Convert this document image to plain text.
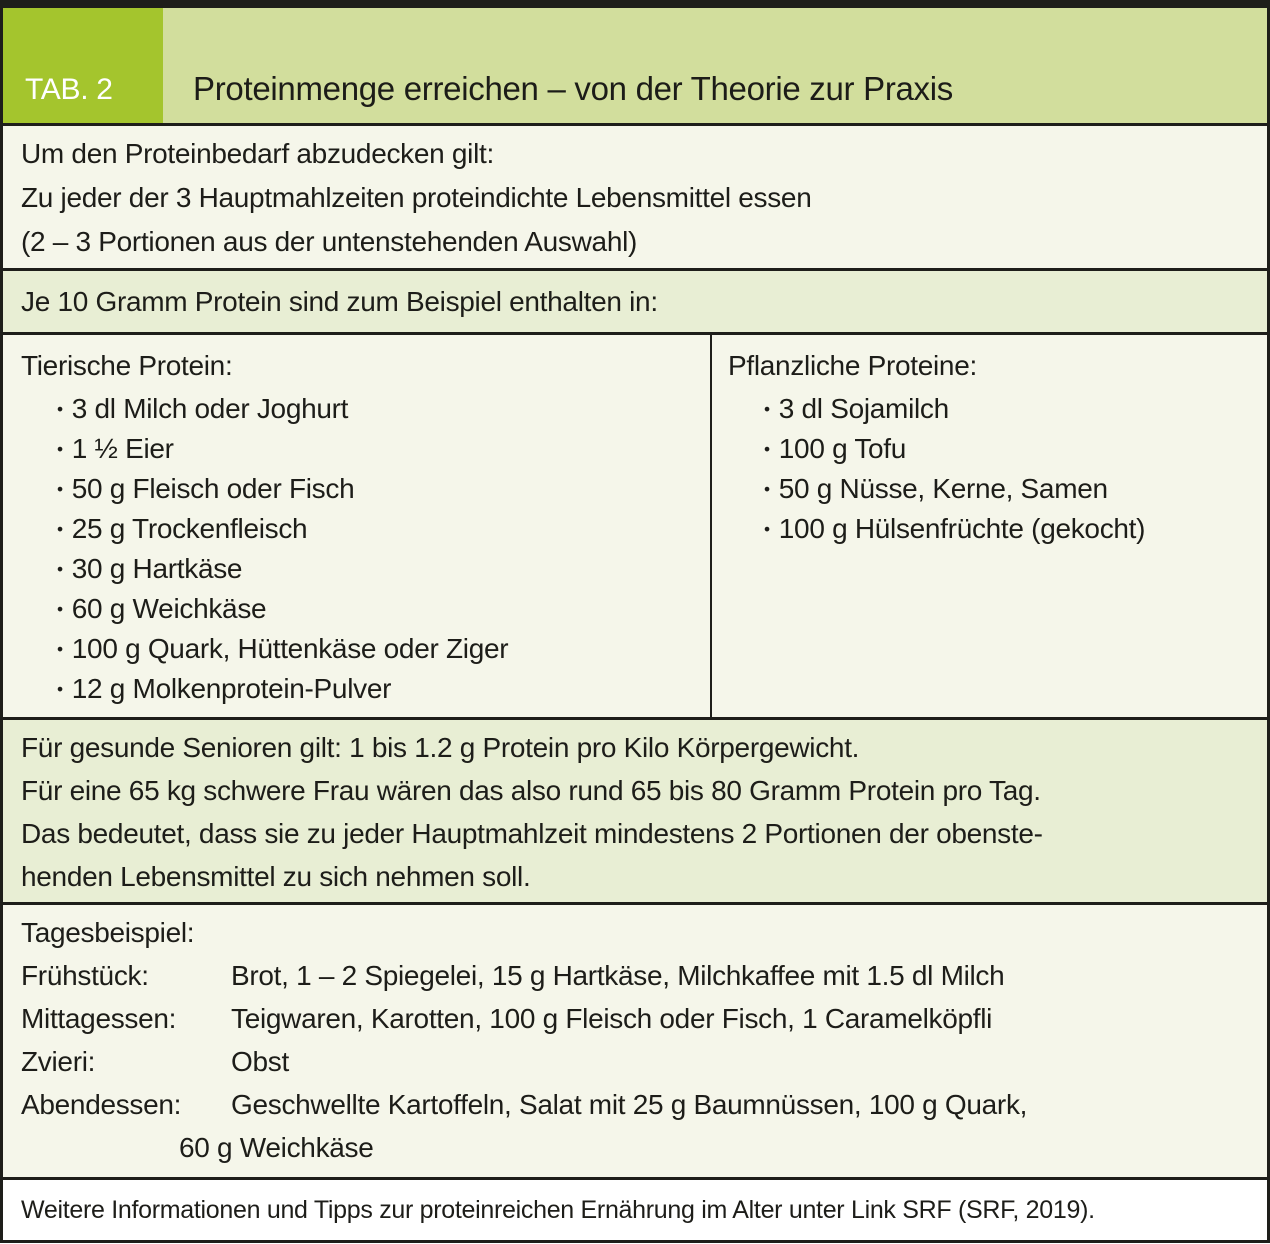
TAB. 2	Proteinmenge erreichen – von der Theorie zur Praxis
Um den Proteinbedarf abzudecken gilt:
Zu jeder der 3 Hauptmahlzeiten proteindichte Lebensmittel essen
(2 – 3 Portionen aus der untenstehenden Auswahl)
Je 10 Gramm Protein sind zum Beispiel enthalten in:
Tierische Protein:
• 3 dl Milch oder Joghurt
• 1 ½ Eier
• 50 g Fleisch oder Fisch
• 25 g Trockenfleisch
• 30 g Hartkäse
• 60 g Weichkäse
• 100 g Quark, Hüttenkäse oder Ziger
• 12 g Molkenprotein-Pulver
Pflanzliche Proteine:
• 3 dl Sojamilch
• 100 g Tofu
• 50 g Nüsse, Kerne, Samen
• 100 g Hülsenfrüchte (gekocht)
Für gesunde Senioren gilt: 1 bis 1.2 g Protein pro Kilo Körpergewicht.
Für eine 65 kg schwere Frau wären das also rund 65 bis 80 Gramm Protein pro Tag.
Das bedeutet, dass sie zu jeder Hauptmahlzeit mindestens 2 Portionen der obenste-
henden Lebensmittel zu sich nehmen soll.
Tagesbeispiel:
Frühstück:	Brot, 1 – 2 Spiegelei, 15 g Hartkäse, Milchkaffee mit 1.5 dl Milch
Mittagessen:	Teigwaren, Karotten, 100 g Fleisch oder Fisch, 1 Caramelköpfli
Zvieri:	Obst
Abendessen:	Geschwellte Kartoffeln, Salat mit 25 g Baumnüssen, 100 g Quark,
60 g Weichkäse
Weitere Informationen und Tipps zur proteinreichen Ernährung im Alter unter Link SRF (SRF, 2019).
